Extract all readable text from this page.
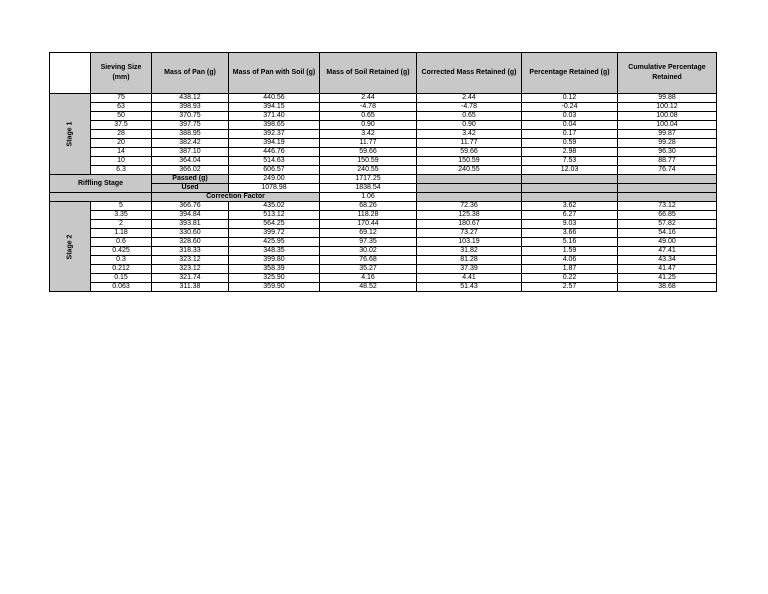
	Sieving Size (mm)	Mass of Pan (g)	Mass of Pan with Soil (g)	Mass of Soil Retained (g)	Corrected Mass Retained (g)	Percentage Retained (g)	Cumulative Percentage Retained
Stage 1	75	438.12	440.56	2.44	2.44	0.12	99.88
	63	398.93	394.15	-4.78	-4.78	-0.24	100.12
	50	370.75	371.40	0.65	0.65	0.03	100.08
	37.5	397.75	398.65	0.90	0.90	0.04	100.04
	28	388.95	392.37	3.42	3.42	0.17	99.87
	20	382.42	394.19	11.77	11.77	0.59	99.28
	14	387.10	446.76	59.66	59.66	2.98	96.30
	10	364.04	514.63	150.59	150.59	7.53	88.77
	6.3	366.02	606.57	240.55	240.55	12.03	76.74
Riffling Stage		Passed (g)	249.00	1717.25			
		Used	1078.98	1838.54			
		Correction Factor		1.06			
Stage 2	5	366.76	435.02	68.26	72.36	3.62	73.12
	3.35	394.84	513.12	118.28	125.38	6.27	66.85
	2	393.81	564.25	170.44	180.67	9.03	57.82
	1.18	330.60	399.72	69.12	73.27	3.66	54.16
	0.6	328.60	425.95	97.35	103.19	5.16	49.00
	0.425	318.33	348.35	30.02	31.82	1.59	47.41
	0.3	323.12	399.80	76.68	81.28	4.06	43.34
	0.212	323.12	358.39	35.27	37.39	1.87	41.47
	0.15	321.74	325.90	4.16	4.41	0.22	41.25
	0.063	311.38	359.90	48.52	51.43	2.57	38.68
